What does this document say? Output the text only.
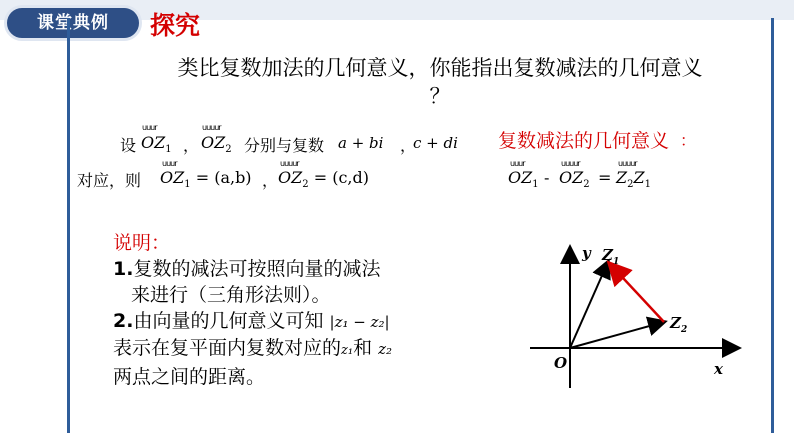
课堂典例	探究
类比复数加法的几何意义，你能指出复数减法的几何意义
？
uuur	uuuur
设 $OZ_1$ ， $OZ_2$ 分别与复数 a + bi ，
c + di
uuur	uuuur
对应，则 $OZ_1 = (a,b)$ ， $OZ_2 = (c,d)$
复数减法的几何意义 ：
uuur	uuuur	uuuur
$OZ_1 - OZ_2 = Z_2Z_1$
说明：
1.复数的减法可按照向量的减法
来进行（三角形法则）。
2.由向量的几何意义可知 |z₁ − z₂|
表示在复平面内复数对应的z₁和 z₂
两点之间的距离。
y
x
O
$Z_1$
$Z_2$
